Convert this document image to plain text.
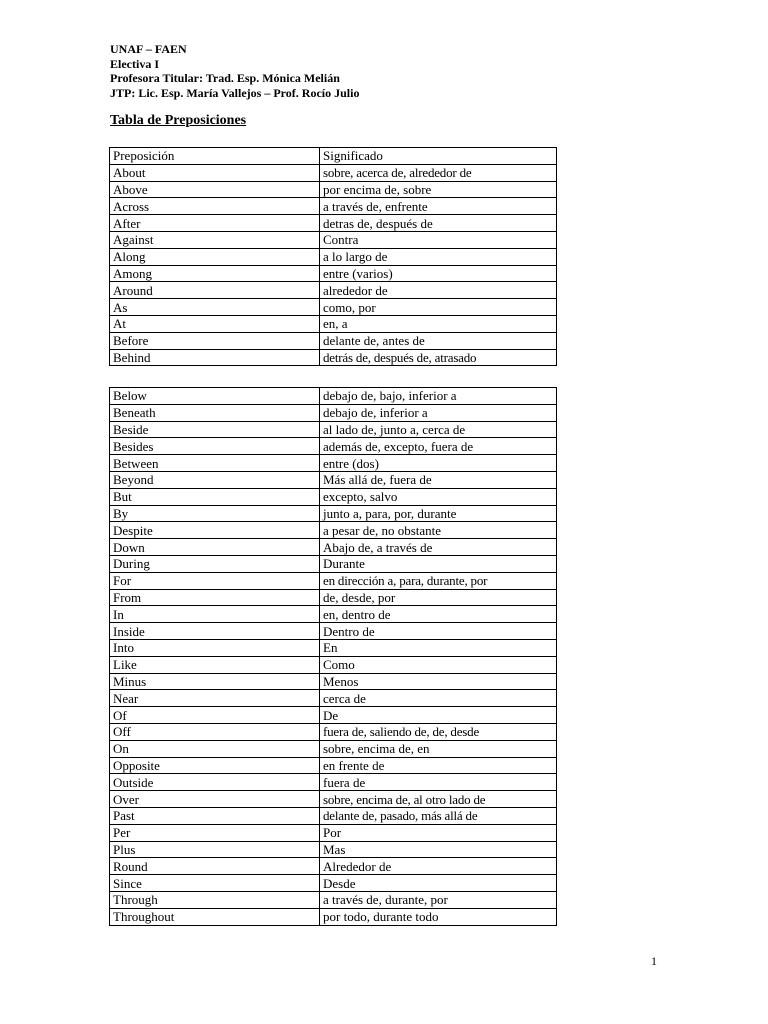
UNAF – FAEN
Electiva I
Profesora Titular: Trad. Esp. Mónica Melián
JTP: Lic. Esp. María Vallejos – Prof. Rocío Julio
Tabla de Preposiciones
Preposición	Significado
About	sobre, acerca de, alrededor de
Above	por encima de, sobre
Across	a través de, enfrente
After	detras de, después de
Against	Contra
Along	a lo largo de
Among	entre (varios)
Around	alrededor de
As	como, por
At	en, a
Before	delante de, antes de
Behind	detrás de, después de, atrasado
Below	debajo de, bajo, inferior a
Beneath	debajo de, inferior a
Beside	al lado de, junto a, cerca de
Besides	además de, excepto, fuera de
Between	entre (dos)
Beyond	Más allá de, fuera de
But	excepto, salvo
By	junto a, para, por, durante
Despite	a pesar de, no obstante
Down	Abajo de, a través de
During	Durante
For	en dirección a, para, durante, por
From	de, desde, por
In	en, dentro de
Inside	Dentro de
Into	En
Like	Como
Minus	Menos
Near	cerca de
Of	De
Off	fuera de, saliendo de, de, desde
On	sobre, encima de, en
Opposite	en frente de
Outside	fuera de
Over	sobre, encima de, al otro lado de
Past	delante de, pasado, más allá de
Per	Por
Plus	Mas
Round	Alrededor de
Since	Desde
Through	a través de, durante, por
Throughout	por todo, durante todo
1
